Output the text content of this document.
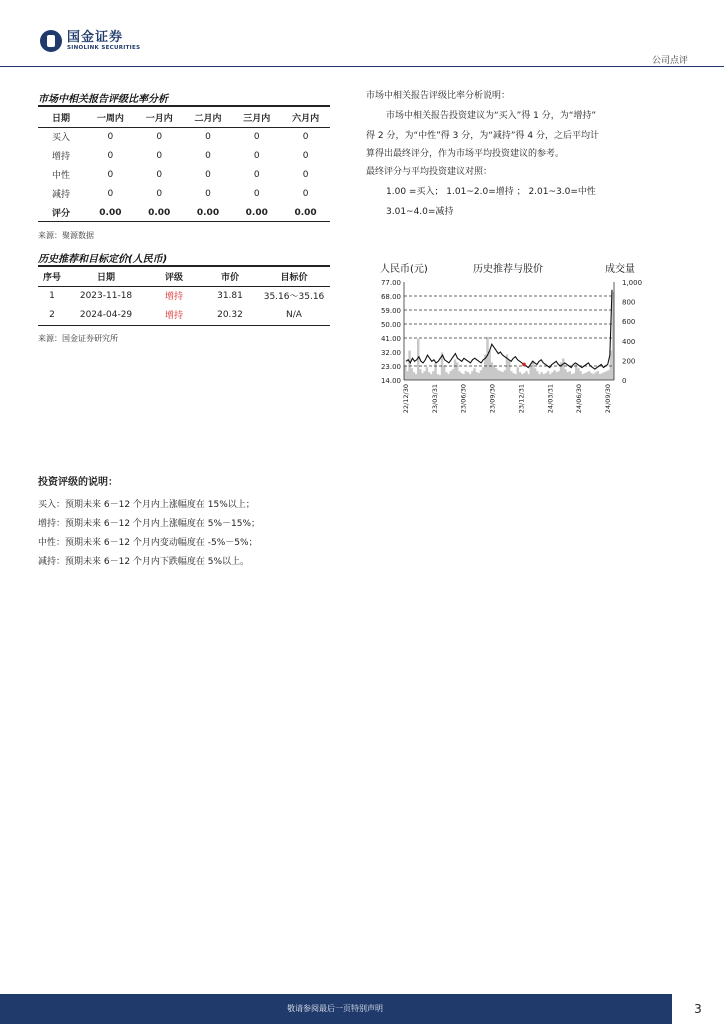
国金证券
SINOLINK SECURITIES
公司点评
市场中相关报告评级比率分析
日期	一周内	一月内	二月内	三月内	六月内
买入	0	0	0	0	0
增持	0	0	0	0	0
中性	0	0	0	0	0
减持	0	0	0	0	0
评分	0.00	0.00	0.00	0.00	0.00
来源：聚源数据
历史推荐和目标定价(人民币)
序号	日期	评级	市价	目标价
1	2023-11-18	增持	31.81	35.16～35.16
2	2024-04-29	增持	20.32	N/A
来源：国金证券研究所
市场中相关报告评级比率分析说明：
市场中相关报告投资建议为“买入”得 1 分，为“增持”
得 2 分，为“中性”得 3 分，为“减持”得 4 分，之后平均计
算得出最终评分，作为市场平均投资建议的参考。
最终评分与平均投资建议对照：
1.00 =买入； 1.01~2.0=增持 ； 2.01~3.0=中性
3.01~4.0=减持
人民币(元)	历史推荐与股价	成交量
14.00
23.00
32.00
41.00
50.00
59.00
68.00
77.00
0
200
400
600
800
1,000
22/12/30	23/03/31	23/06/30	23/09/30	23/12/31	24/03/31	24/06/30	24/09/30
投资评级的说明：
买入：预期未来 6－12 个月内上涨幅度在 15%以上；
增持：预期未来 6－12 个月内上涨幅度在 5%－15%；
中性：预期未来 6－12 个月内变动幅度在 -5%－5%；
减持：预期未来 6－12 个月内下跌幅度在 5%以上。
敬请参阅最后一页特别声明	3
